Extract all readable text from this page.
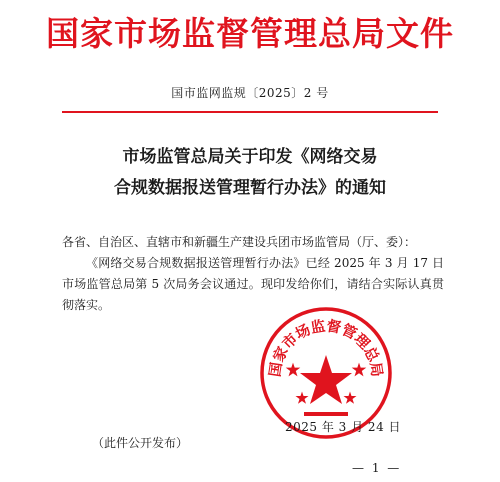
国家市场监督管理总局文件
国市监网监规〔2025〕2 号
市场监管总局关于印发《网络交易
合规数据报送管理暂行办法》的通知

各省、自治区、直辖市和新疆生产建设兵团市场监管局（厅、委）：

《网络交易合规数据报送管理暂行办法》已经 2025 年 3 月 17 日市场监管总局第 5 次局务会议通过。现印发给你们，请结合实际认真贯彻落实。

国家市场监督管理总局
2025 年 3 月 24 日
（此件公开发布）
— 1 —
